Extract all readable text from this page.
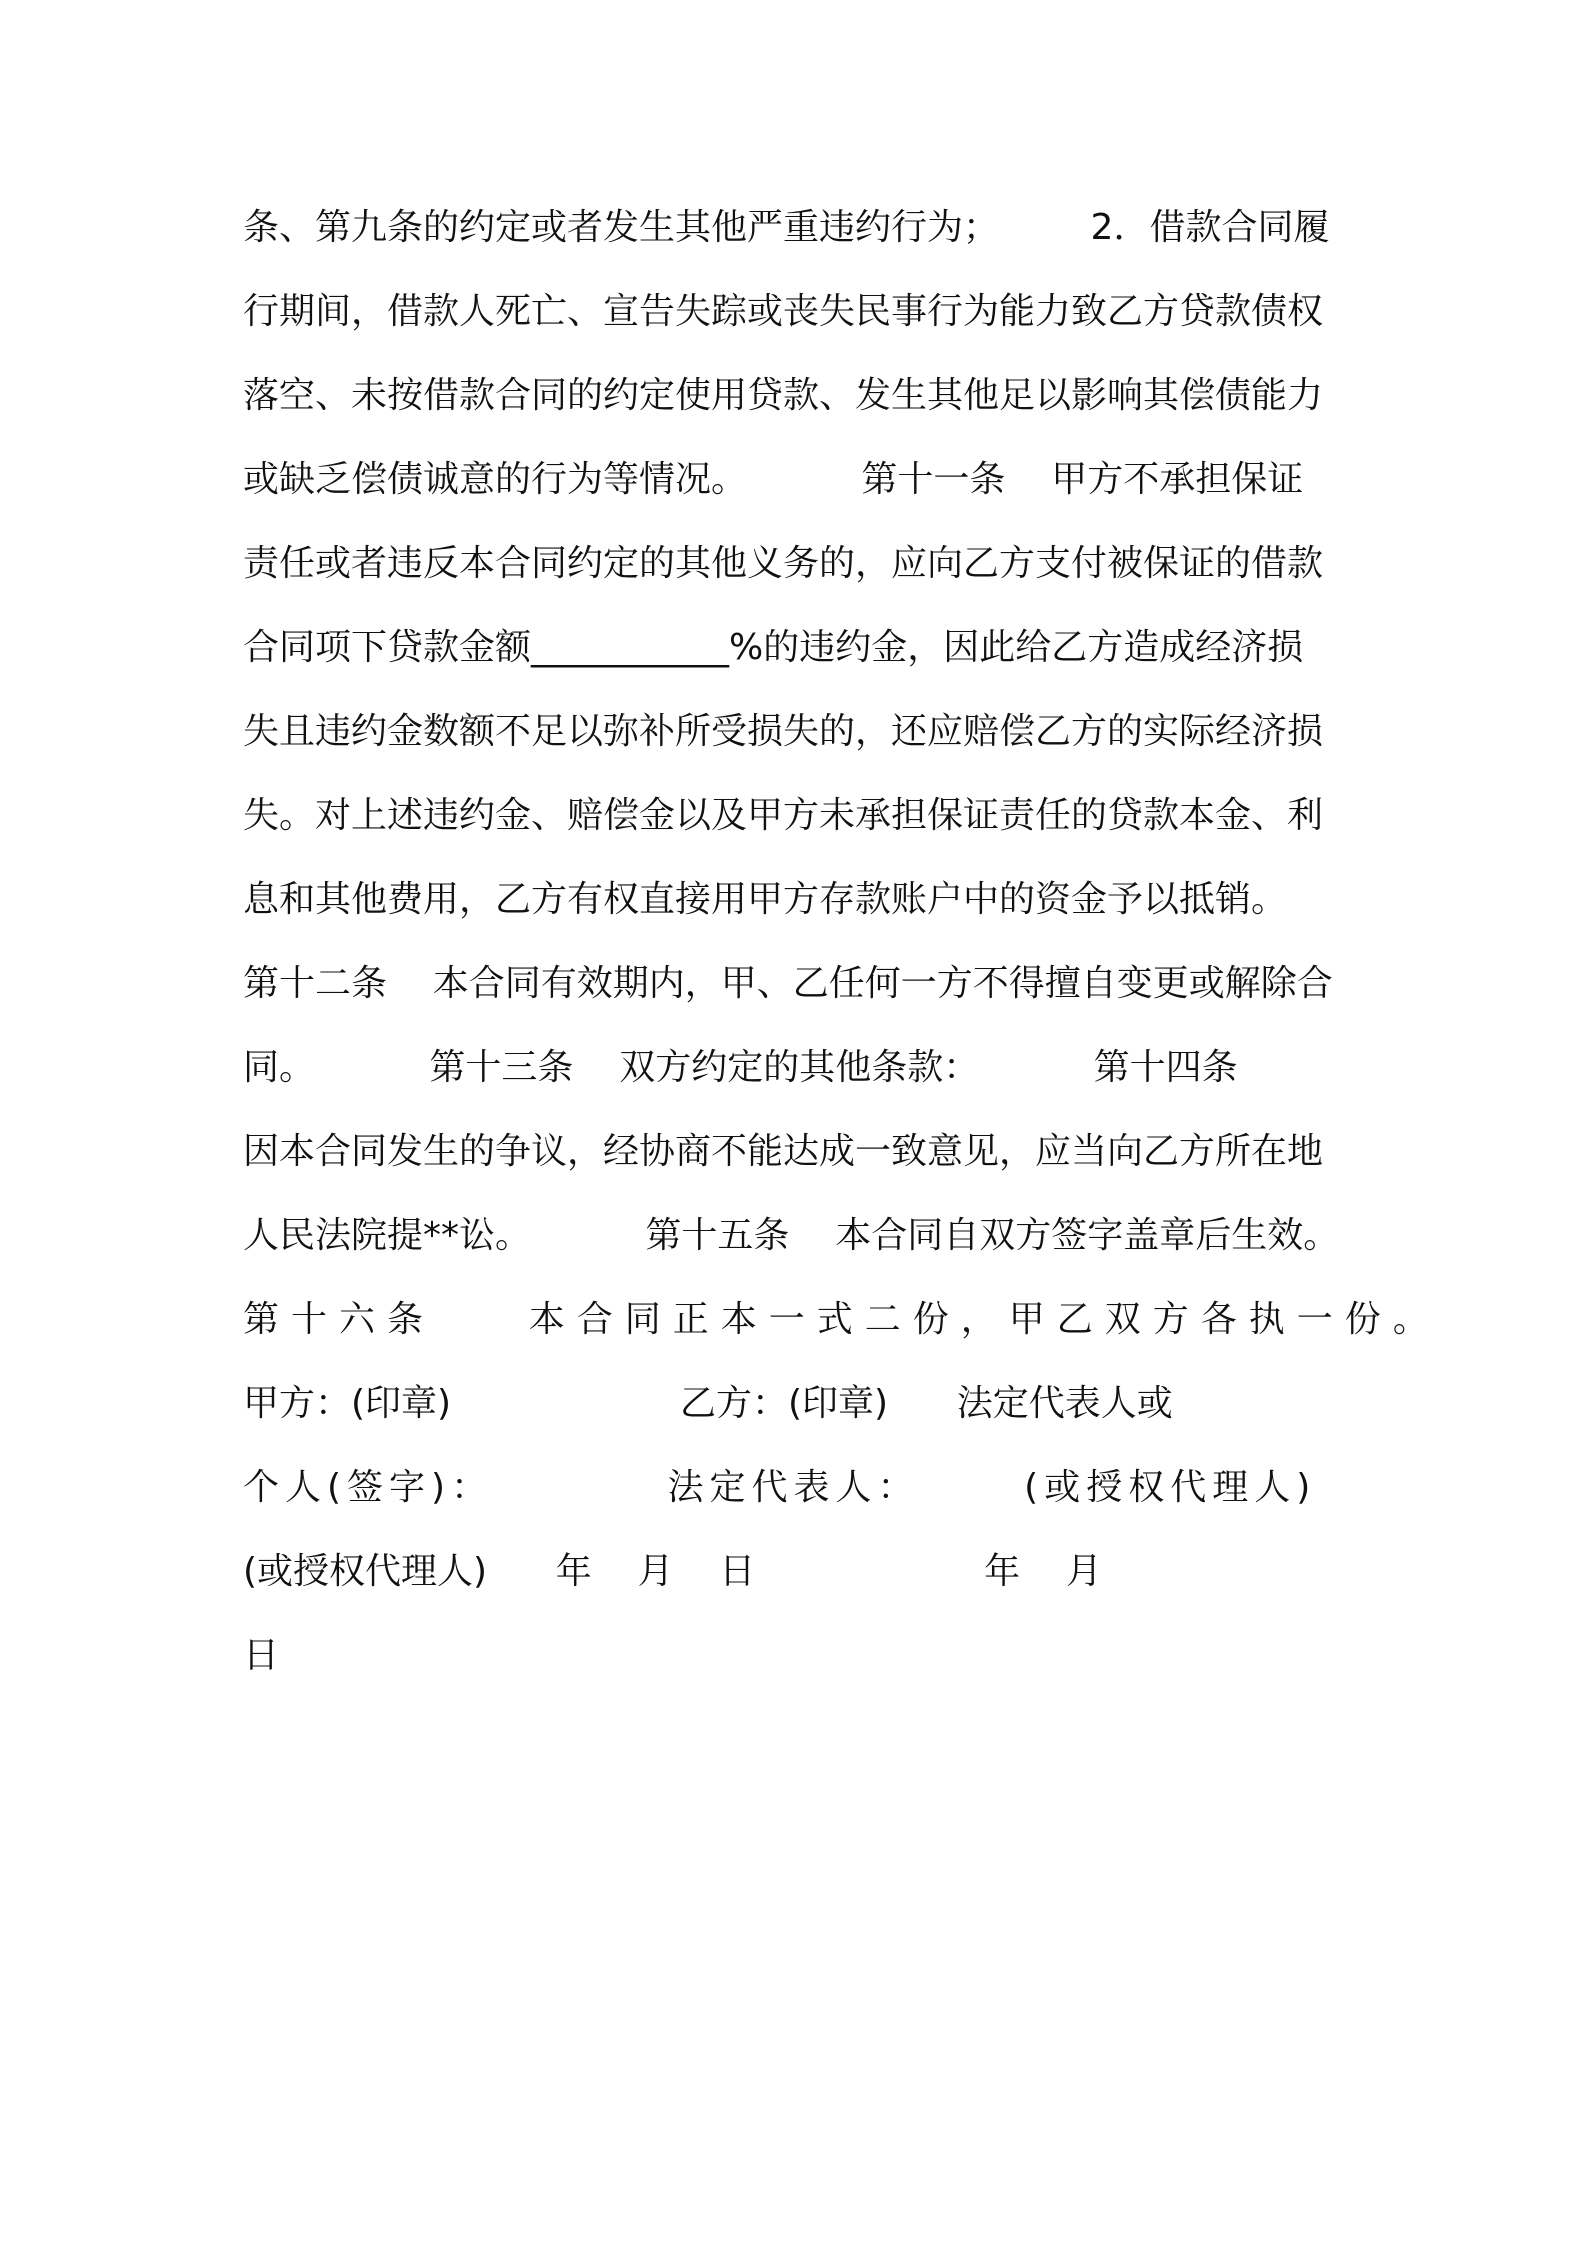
条、第九条的约定或者发生其他严重违约行为；        2．借款合同履
行期间，借款人死亡、宣告失踪或丧失民事行为能力致乙方贷款债权
落空、未按借款合同的约定使用贷款、发生其他足以影响其偿债能力
或缺乏偿债诚意的行为等情况。          第十一条    甲方不承担保证
责任或者违反本合同约定的其他义务的，应向乙方支付被保证的借款
合同项下贷款金额___________%的违约金，因此给乙方造成经济损
失且违约金数额不足以弥补所受损失的，还应赔偿乙方的实际经济损
失。对上述违约金、赔偿金以及甲方未承担保证责任的贷款本金、利
息和其他费用，乙方有权直接用甲方存款账户中的资金予以抵销。
第十二条    本合同有效期内，甲、乙任何一方不得擅自变更或解除合
同。          第十三条    双方约定的其他条款：          第十四条
因本合同发生的争议，经协商不能达成一致意见，应当向乙方所在地
人民法院提**讼。          第十五条    本合同自双方签字盖章后生效。
第十六条    本合同正本一式二份，甲乙双方各执一份。
甲方：(印章)                    乙方：(印章)      法定代表人或
个人(签字)：          法定代表人：      (或授权代理人)
(或授权代理人)      年    月    日                    年    月
日
